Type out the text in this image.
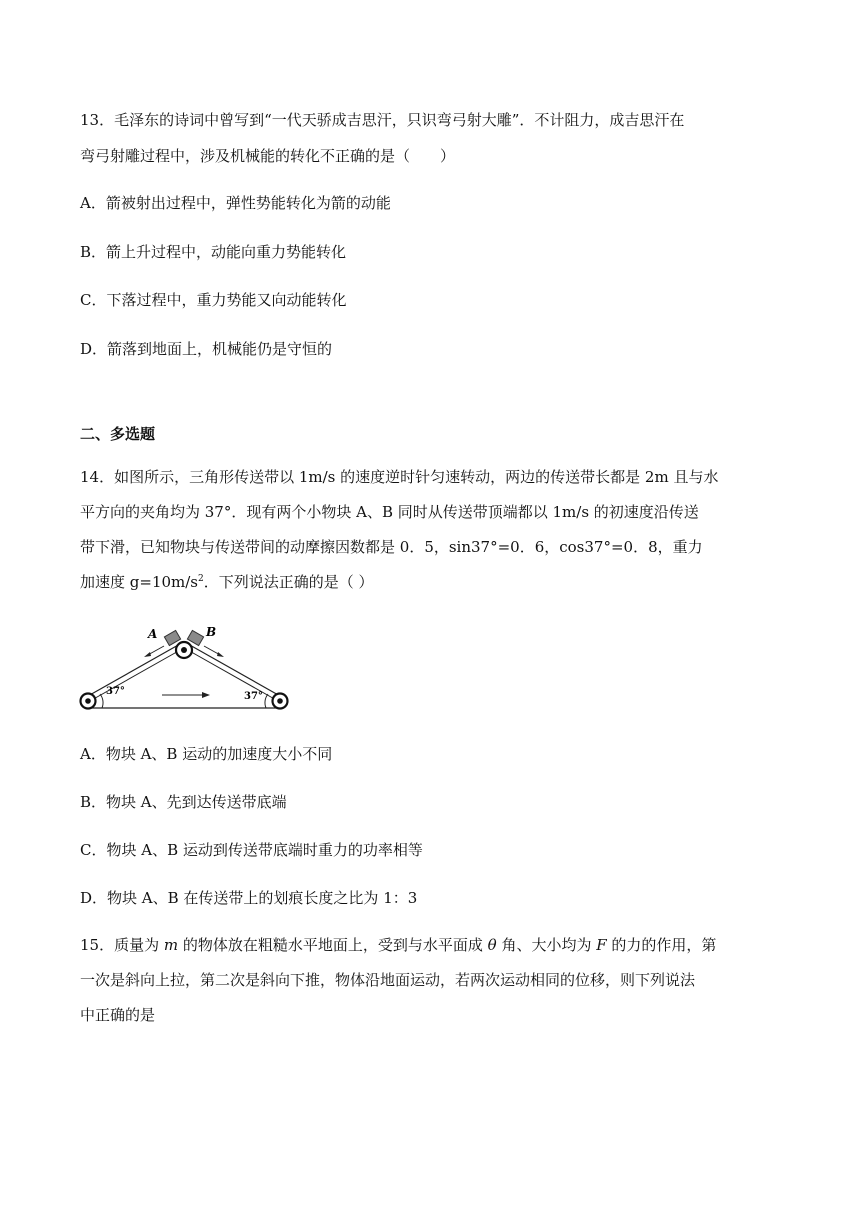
13．毛泽东的诗词中曾写到“一代天骄成吉思汗，只识弯弓射大雕”．不计阻力，成吉思汗在
弯弓射雕过程中，涉及机械能的转化不正确的是（　　）
A．箭被射出过程中，弹性势能转化为箭的动能
B．箭上升过程中，动能向重力势能转化
C．下落过程中，重力势能又向动能转化
D．箭落到地面上，机械能仍是守恒的
二、多选题
14．如图所示，三角形传送带以 1m/s 的速度逆时针匀速转动，两边的传送带长都是 2m 且与水
平方向的夹角均为 37°．现有两个小物块 A、B 同时从传送带顶端都以 1m/s 的初速度沿传送
带下滑，已知物块与传送带间的动摩擦因数都是 0．5，sin37°=0．6，cos37°=0．8，重力
加速度 $g=10m/s^2$．下列说法正确的是（ ）
A	B
37°	37°
A．物块 A、B 运动的加速度大小不同
B．物块 A、先到达传送带底端
C．物块 A、B 运动到传送带底端时重力的功率相等
D．物块 A、B 在传送带上的划痕长度之比为 1：3
15．质量为 m 的物体放在粗糙水平地面上，受到与水平面成 θ 角、大小均为 F 的力的作用，第
一次是斜向上拉，第二次是斜向下推，物体沿地面运动，若两次运动相同的位移，则下列说法
中正确的是
